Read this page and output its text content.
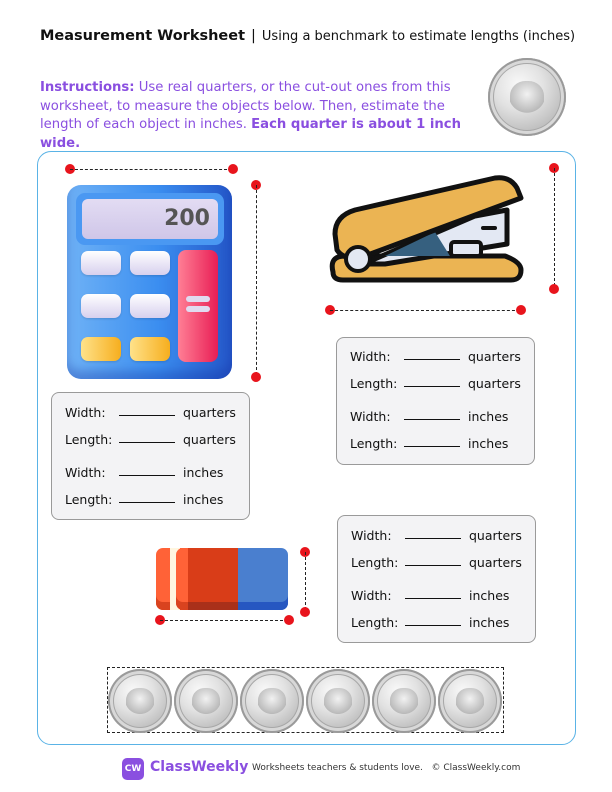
Measurement Worksheet | Using a benchmark to estimate lengths (inches)
Instructions: Use real quarters, or the cut-out ones from this worksheet, to measure the objects below. Then, estimate the length of each object in inches. Each quarter is about 1 inch wide.
200
Width:	quarters
Length:	quarters
Width:	inches
Length:	inches
Width:	quarters
Length:	quarters
Width:	inches
Length:	inches
Width:	quarters
Length:	quarters
Width:	inches
Length:	inches
CW ClassWeekly Worksheets teachers & students love. © ClassWeekly.com
